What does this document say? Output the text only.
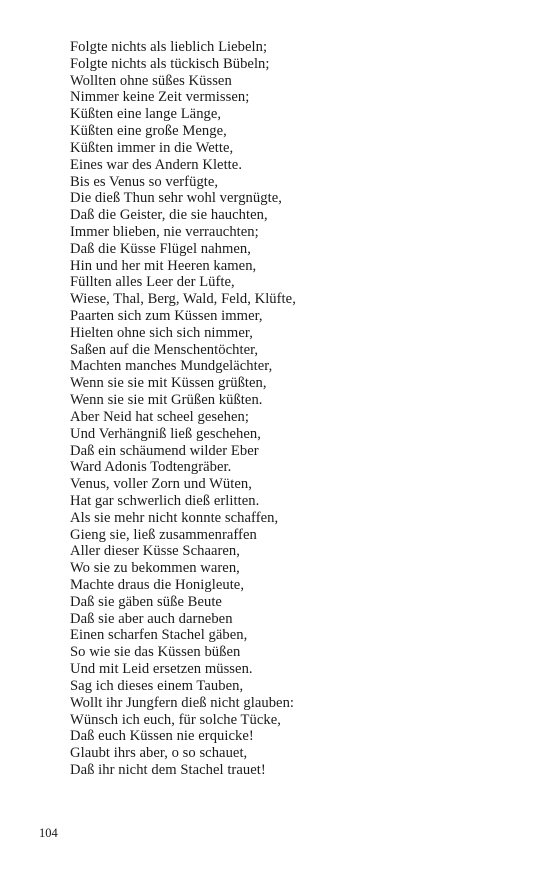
Folgte nichts als lieblich Liebeln;
Folgte nichts als tückisch Bübeln;
Wollten ohne süßes Küssen
Nimmer keine Zeit vermissen;
Küßten eine lange Länge,
Küßten eine große Menge,
Küßten immer in die Wette,
Eines war des Andern Klette.
Bis es Venus so verfügte,
Die dieß Thun sehr wohl vergnügte,
Daß die Geister, die sie hauchten,
Immer blieben, nie verrauchten;
Daß die Küsse Flügel nahmen,
Hin und her mit Heeren kamen,
Füllten alles Leer der Lüfte,
Wiese, Thal, Berg, Wald, Feld, Klüfte,
Paarten sich zum Küssen immer,
Hielten ohne sich sich nimmer,
Saßen auf die Menschentöchter,
Machten manches Mundgelächter,
Wenn sie sie mit Küssen grüßten,
Wenn sie sie mit Grüßen küßten.
Aber Neid hat scheel gesehen;
Und Verhängniß ließ geschehen,
Daß ein schäumend wilder Eber
Ward Adonis Todtengräber.
Venus, voller Zorn und Wüten,
Hat gar schwerlich dieß erlitten.
Als sie mehr nicht konnte schaffen,
Gieng sie, ließ zusammenraffen
Aller dieser Küsse Schaaren,
Wo sie zu bekommen waren,
Machte draus die Honigleute,
Daß sie gäben süße Beute
Daß sie aber auch darneben
Einen scharfen Stachel gäben,
So wie sie das Küssen büßen
Und mit Leid ersetzen müssen.
Sag ich dieses einem Tauben,
Wollt ihr Jungfern dieß nicht glauben:
Wünsch ich euch, für solche Tücke,
Daß euch Küssen nie erquicke!
Glaubt ihrs aber, o so schauet,
Daß ihr nicht dem Stachel trauet!
104
